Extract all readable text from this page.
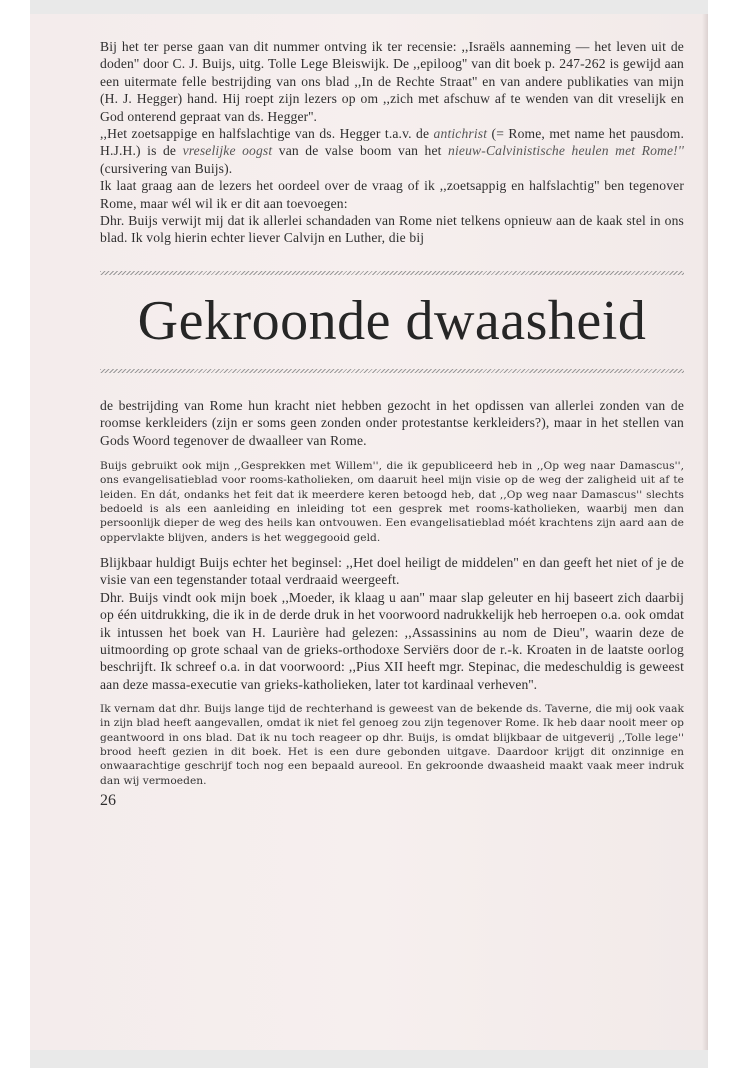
Bij het ter perse gaan van dit nummer ontving ik ter recensie: ,,Israëls aanneming — het leven uit de doden'' door C. J. Buijs, uitg. Tolle Lege Bleiswijk. De ,,epiloog'' van dit boek p. 247-262 is gewijd aan een uitermate felle bestrijding van ons blad ,,In de Rechte Straat'' en van andere publikaties van mijn (H. J. Hegger) hand. Hij roept zijn lezers op om ,,zich met afschuw af te wenden van dit vreselijk en God onterend gepraat van ds. Hegger''.

,,Het zoetsappige en halfslachtige van ds. Hegger t.a.v. de antichrist (= Rome, met name het pausdom. H.J.H.) is de vreselijke oogst van de valse boom van het nieuw-Calvinistische heulen met Rome!'' (cursivering van Buijs).

Ik laat graag aan de lezers het oordeel over de vraag of ik ,,zoetsappig en halfslachtig'' ben tegenover Rome, maar wél wil ik er dit aan toevoegen:

Dhr. Buijs verwijt mij dat ik allerlei schandaden van Rome niet telkens opnieuw aan de kaak stel in ons blad. Ik volg hierin echter liever Calvijn en Luther, die bij

Gekroonde dwaasheid

de bestrijding van Rome hun kracht niet hebben gezocht in het opdissen van allerlei zonden van de roomse kerkleiders (zijn er soms geen zonden onder protestantse kerkleiders?), maar in het stellen van Gods Woord tegenover de dwaalleer van Rome.

Buijs gebruikt ook mijn ,,Gesprekken met Willem'', die ik gepubliceerd heb in ,,Op weg naar Damascus'', ons evangelisatieblad voor rooms-katholieken, om daaruit heel mijn visie op de weg der zaligheid uit af te leiden. En dát, ondanks het feit dat ik meerdere keren betoogd heb, dat ,,Op weg naar Damascus'' slechts bedoeld is als een aanleiding en inleiding tot een gesprek met rooms-katholieken, waarbij men dan persoonlijk dieper de weg des heils kan ontvouwen. Een evangelisatieblad móét krachtens zijn aard aan de oppervlakte blijven, anders is het weggegooid geld.

Blijkbaar huldigt Buijs echter het beginsel: ,,Het doel heiligt de middelen'' en dan geeft het niet of je de visie van een tegenstander totaal verdraaid weergeeft.

Dhr. Buijs vindt ook mijn boek ,,Moeder, ik klaag u aan'' maar slap geleuter en hij baseert zich daarbij op één uitdrukking, die ik in de derde druk in het voorwoord nadrukkelijk heb herroepen o.a. ook omdat ik intussen het boek van H. Laurière had gelezen: ,,Assassinins au nom de Dieu'', waarin deze de uitmoording op grote schaal van de grieks-orthodoxe Serviërs door de r.-k. Kroaten in de laatste oorlog beschrijft. Ik schreef o.a. in dat voorwoord: ,,Pius XII heeft mgr. Stepinac, die medeschuldig is geweest aan deze massa-executie van grieks-katholieken, later tot kardinaal verheven''.

Ik vernam dat dhr. Buijs lange tijd de rechterhand is geweest van de bekende ds. Taverne, die mij ook vaak in zijn blad heeft aangevallen, omdat ik niet fel genoeg zou zijn tegenover Rome. Ik heb daar nooit meer op geantwoord in ons blad. Dat ik nu toch reageer op dhr. Buijs, is omdat blijkbaar de uitgeverij ,,Tolle lege'' brood heeft gezien in dit boek. Het is een dure gebonden uitgave. Daardoor krijgt dit onzinnige en onwaarachtige geschrijf toch nog een bepaald aureool. En gekroonde dwaasheid maakt vaak meer indruk dan wij vermoeden.

26
